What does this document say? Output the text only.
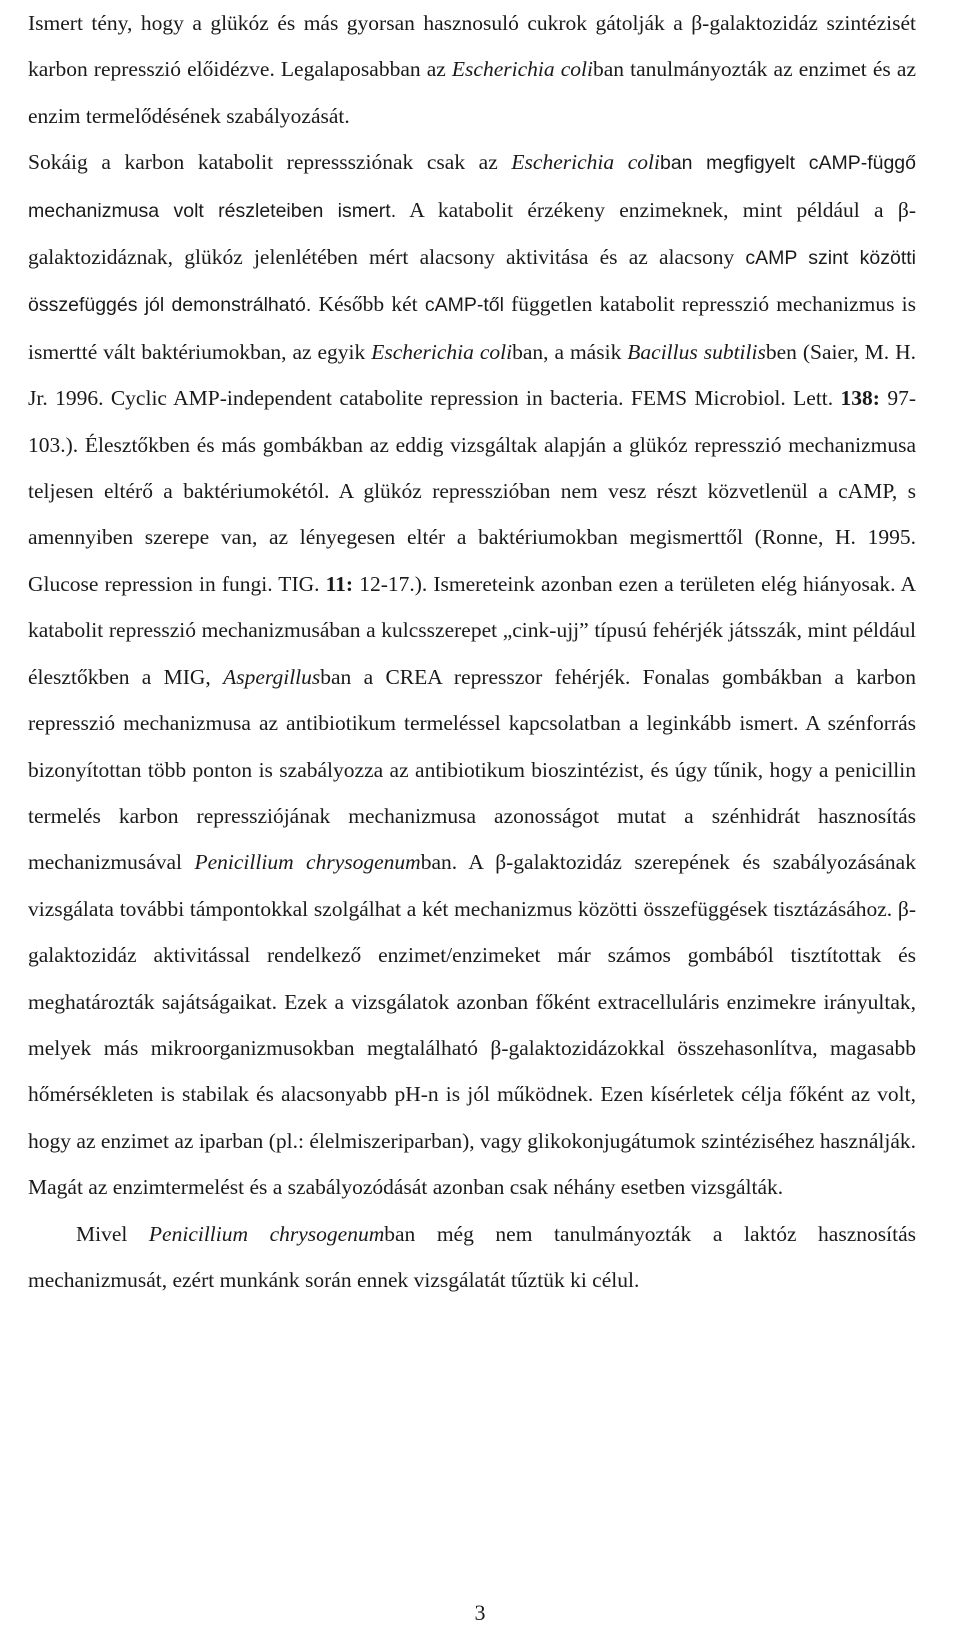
Ismert tény, hogy a glükóz és más gyorsan hasznosuló cukrok gátolják a β-galaktozidáz szintézisét karbon represszió előidézve. Legalaposabban az Escherichia coliban tanulmányozták az enzimet és az enzim termelődésének szabályozását.

Sokáig a karbon katabolit represssziónak csak az Escherichia coliban megfigyelt cAMP-függő mechanizmusa volt részleteiben ismert. A katabolit érzékeny enzimeknek, mint például a β-galaktozidáznak, glükóz jelenlétében mért alacsony aktivitása és az alacsony cAMP szint közötti összefüggés jól demonstrálható. Később két cAMP-től független katabolit represszió mechanizmus is ismertté vált baktériumokban, az egyik Escherichia coliban, a másik Bacillus subtilisben (Saier, M. H. Jr. 1996. Cyclic AMP-independent catabolite repression in bacteria. FEMS Microbiol. Lett. 138: 97-103.). Élesztőkben és más gombákban az eddig vizsgáltak alapján a glükóz represszió mechanizmusa teljesen eltérő a baktériumokétól. A glükóz represszióban nem vesz részt közvetlenül a cAMP, s amennyiben szerepe van, az lényegesen eltér a baktériumokban megismerttől (Ronne, H. 1995. Glucose repression in fungi. TIG. 11: 12-17.). Ismereteink azonban ezen a területen elég hiányosak. A katabolit represszió mechanizmusában a kulcsszerepet „cink-ujj” típusú fehérjék játsszák, mint például élesztőkben a MIG, Aspergillusban a CREA represszor fehérjék. Fonalas gombákban a karbon represszió mechanizmusa az antibiotikum termeléssel kapcsolatban a leginkább ismert. A szénforrás bizonyítottan több ponton is szabályozza az antibiotikum bioszintézist, és úgy tűnik, hogy a penicillin termelés karbon repressziójának mechanizmusa azonosságot mutat a szénhidrát hasznosítás mechanizmusával Penicillium chrysogenumban. A β-galaktozidáz szerepének és szabályozásának vizsgálata további támpontokkal szolgálhat a két mechanizmus közötti összefüggések tisztázásához. β-galaktozidáz aktivitással rendelkező enzimet/enzimeket már számos gombából tisztítottak és meghatározták sajátságaikat. Ezek a vizsgálatok azonban főként extracelluláris enzimekre irányultak, melyek más mikroorganizmusokban megtalálható β-galaktozidázokkal összehasonlítva, magasabb hőmérsékleten is stabilak és alacsonyabb pH-n is jól működnek. Ezen kísérletek célja főként az volt, hogy az enzimet az iparban (pl.: élelmiszeriparban), vagy glikokonjugátumok szintéziséhez használják. Magát az enzimtermelést és a szabályozódását azonban csak néhány esetben vizsgálták.

Mivel Penicillium chrysogenumban még nem tanulmányozták a laktóz hasznosítás mechanizmusát, ezért munkánk során ennek vizsgálatát tűztük ki célul.

3
